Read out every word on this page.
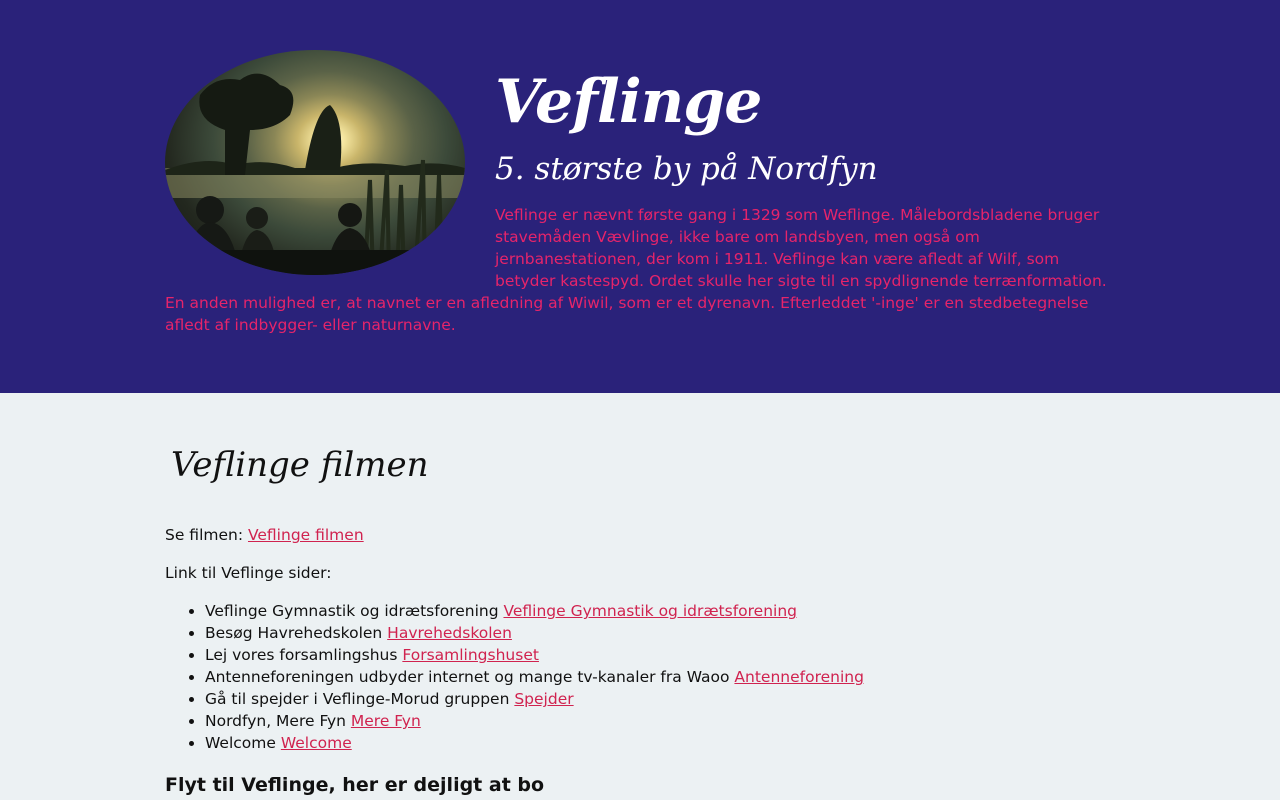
Veflinge
5. største by på Nordfyn

Veflinge er nævnt første gang i 1329 som Weflinge. Målebordsbladene bruger stavemåden Vævlinge, ikke bare om landsbyen, men også om jernbanestationen, der kom i 1911. Veflinge kan være afledt af Wilf, som betyder kastespyd. Ordet skulle her sigte til en spydlignende terrænformation. En anden mulighed er, at navnet er en afledning af Wiwil, som er et dyrenavn. Efterleddet '-inge' er en stedbetegnelse afledt af indbygger- eller naturnavne.

Veflinge filmen

Se filmen: Veflinge filmen

Link til Veflinge sider:

• Veflinge Gymnastik og idrætsforening Veflinge Gymnastik og idrætsforening
• Besøg Havrehedskolen Havrehedskolen
• Lej vores forsamlingshus Forsamlingshuset
• Antenneforeningen udbyder internet og mange tv-kanaler fra Waoo Antenneforening
• Gå til spejder i Veflinge-Morud gruppen Spejder
• Nordfyn, Mere Fyn Mere Fyn
• Welcome Welcome
Flyt til Veflinge, her er dejligt at bo
